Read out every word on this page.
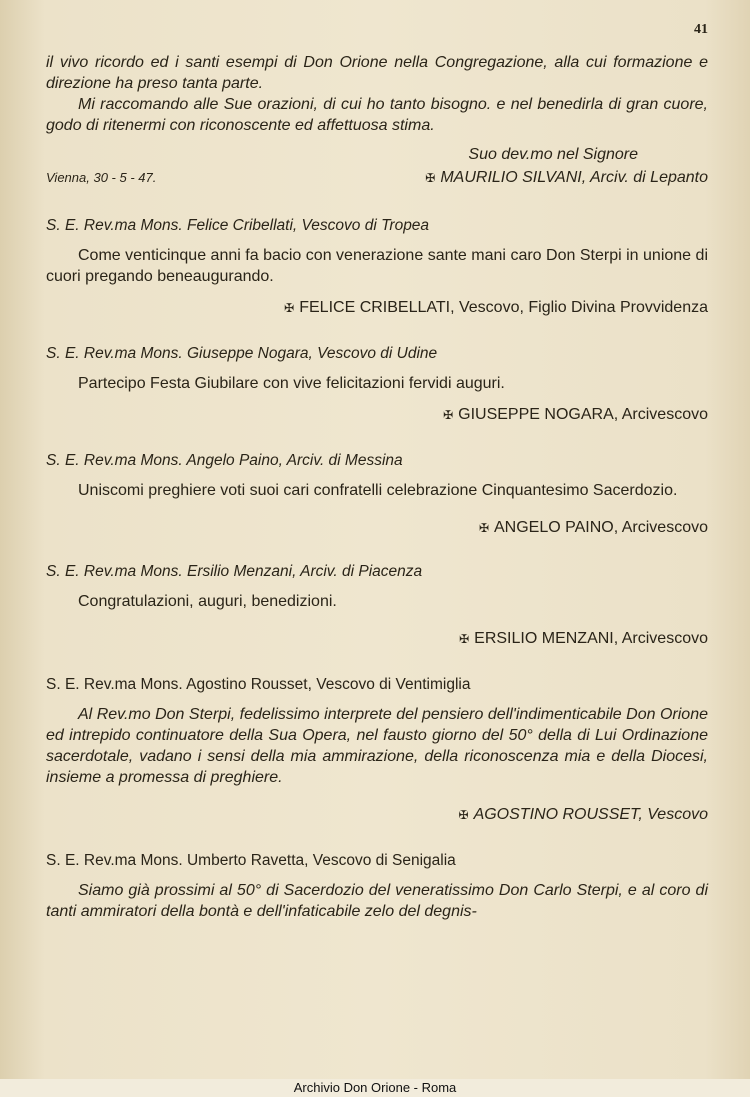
41

il vivo ricordo ed i santi esempi di Don Orione nella Congregazione, alla cui formazione e direzione ha preso tanta parte.

Mi raccomando alle Sue orazioni, di cui ho tanto bisogno. e nel benedirla di gran cuore, godo di ritenermi con riconoscente ed affettuosa stima.

Suo dev.mo nel Signore

Vienna, 30 - 5 - 47.	✠ MAURILIO SILVANI, Arciv. di Lepanto
S. E. Rev.ma Mons. Felice Cribellati, Vescovo di Tropea

Come venticinque anni fa bacio con venerazione sante mani caro Don Sterpi in unione di cuori pregando beneaugurando.

✠ FELICE CRIBELLATI, Vescovo, Figlio Divina Provvidenza
S. E. Rev.ma Mons. Giuseppe Nogara, Vescovo di Udine

Partecipo Festa Giubilare con vive felicitazioni fervidi auguri.

✠ GIUSEPPE NOGARA, Arcivescovo
S. E. Rev.ma Mons. Angelo Paino, Arciv. di Messina

Uniscomi preghiere voti suoi cari confratelli celebrazione Cinquantesimo Sacerdozio.

✠ ANGELO PAINO, Arcivescovo
S. E. Rev.ma Mons. Ersilio Menzani, Arciv. di Piacenza

Congratulazioni, auguri, benedizioni.

✠ ERSILIO MENZANI, Arcivescovo
S. E. Rev.ma Mons. Agostino Rousset, Vescovo di Ventimiglia

Al Rev.mo Don Sterpi, fedelissimo interprete del pensiero dell'indimenticabile Don Orione ed intrepido continuatore della Sua Opera, nel fausto giorno del 50° della di Lui Ordinazione sacerdotale, vadano i sensi della mia ammirazione, della riconoscenza mia e della Diocesi, insieme a promessa di preghiere.

✠ AGOSTINO ROUSSET, Vescovo
S. E. Rev.ma Mons. Umberto Ravetta, Vescovo di Senigalia

Siamo già prossimi al 50° di Sacerdozio del veneratissimo Don Carlo Sterpi, e al coro di tanti ammiratori della bontà e dell'infaticabile zelo del degnis-

Archivio Don Orione - Roma
